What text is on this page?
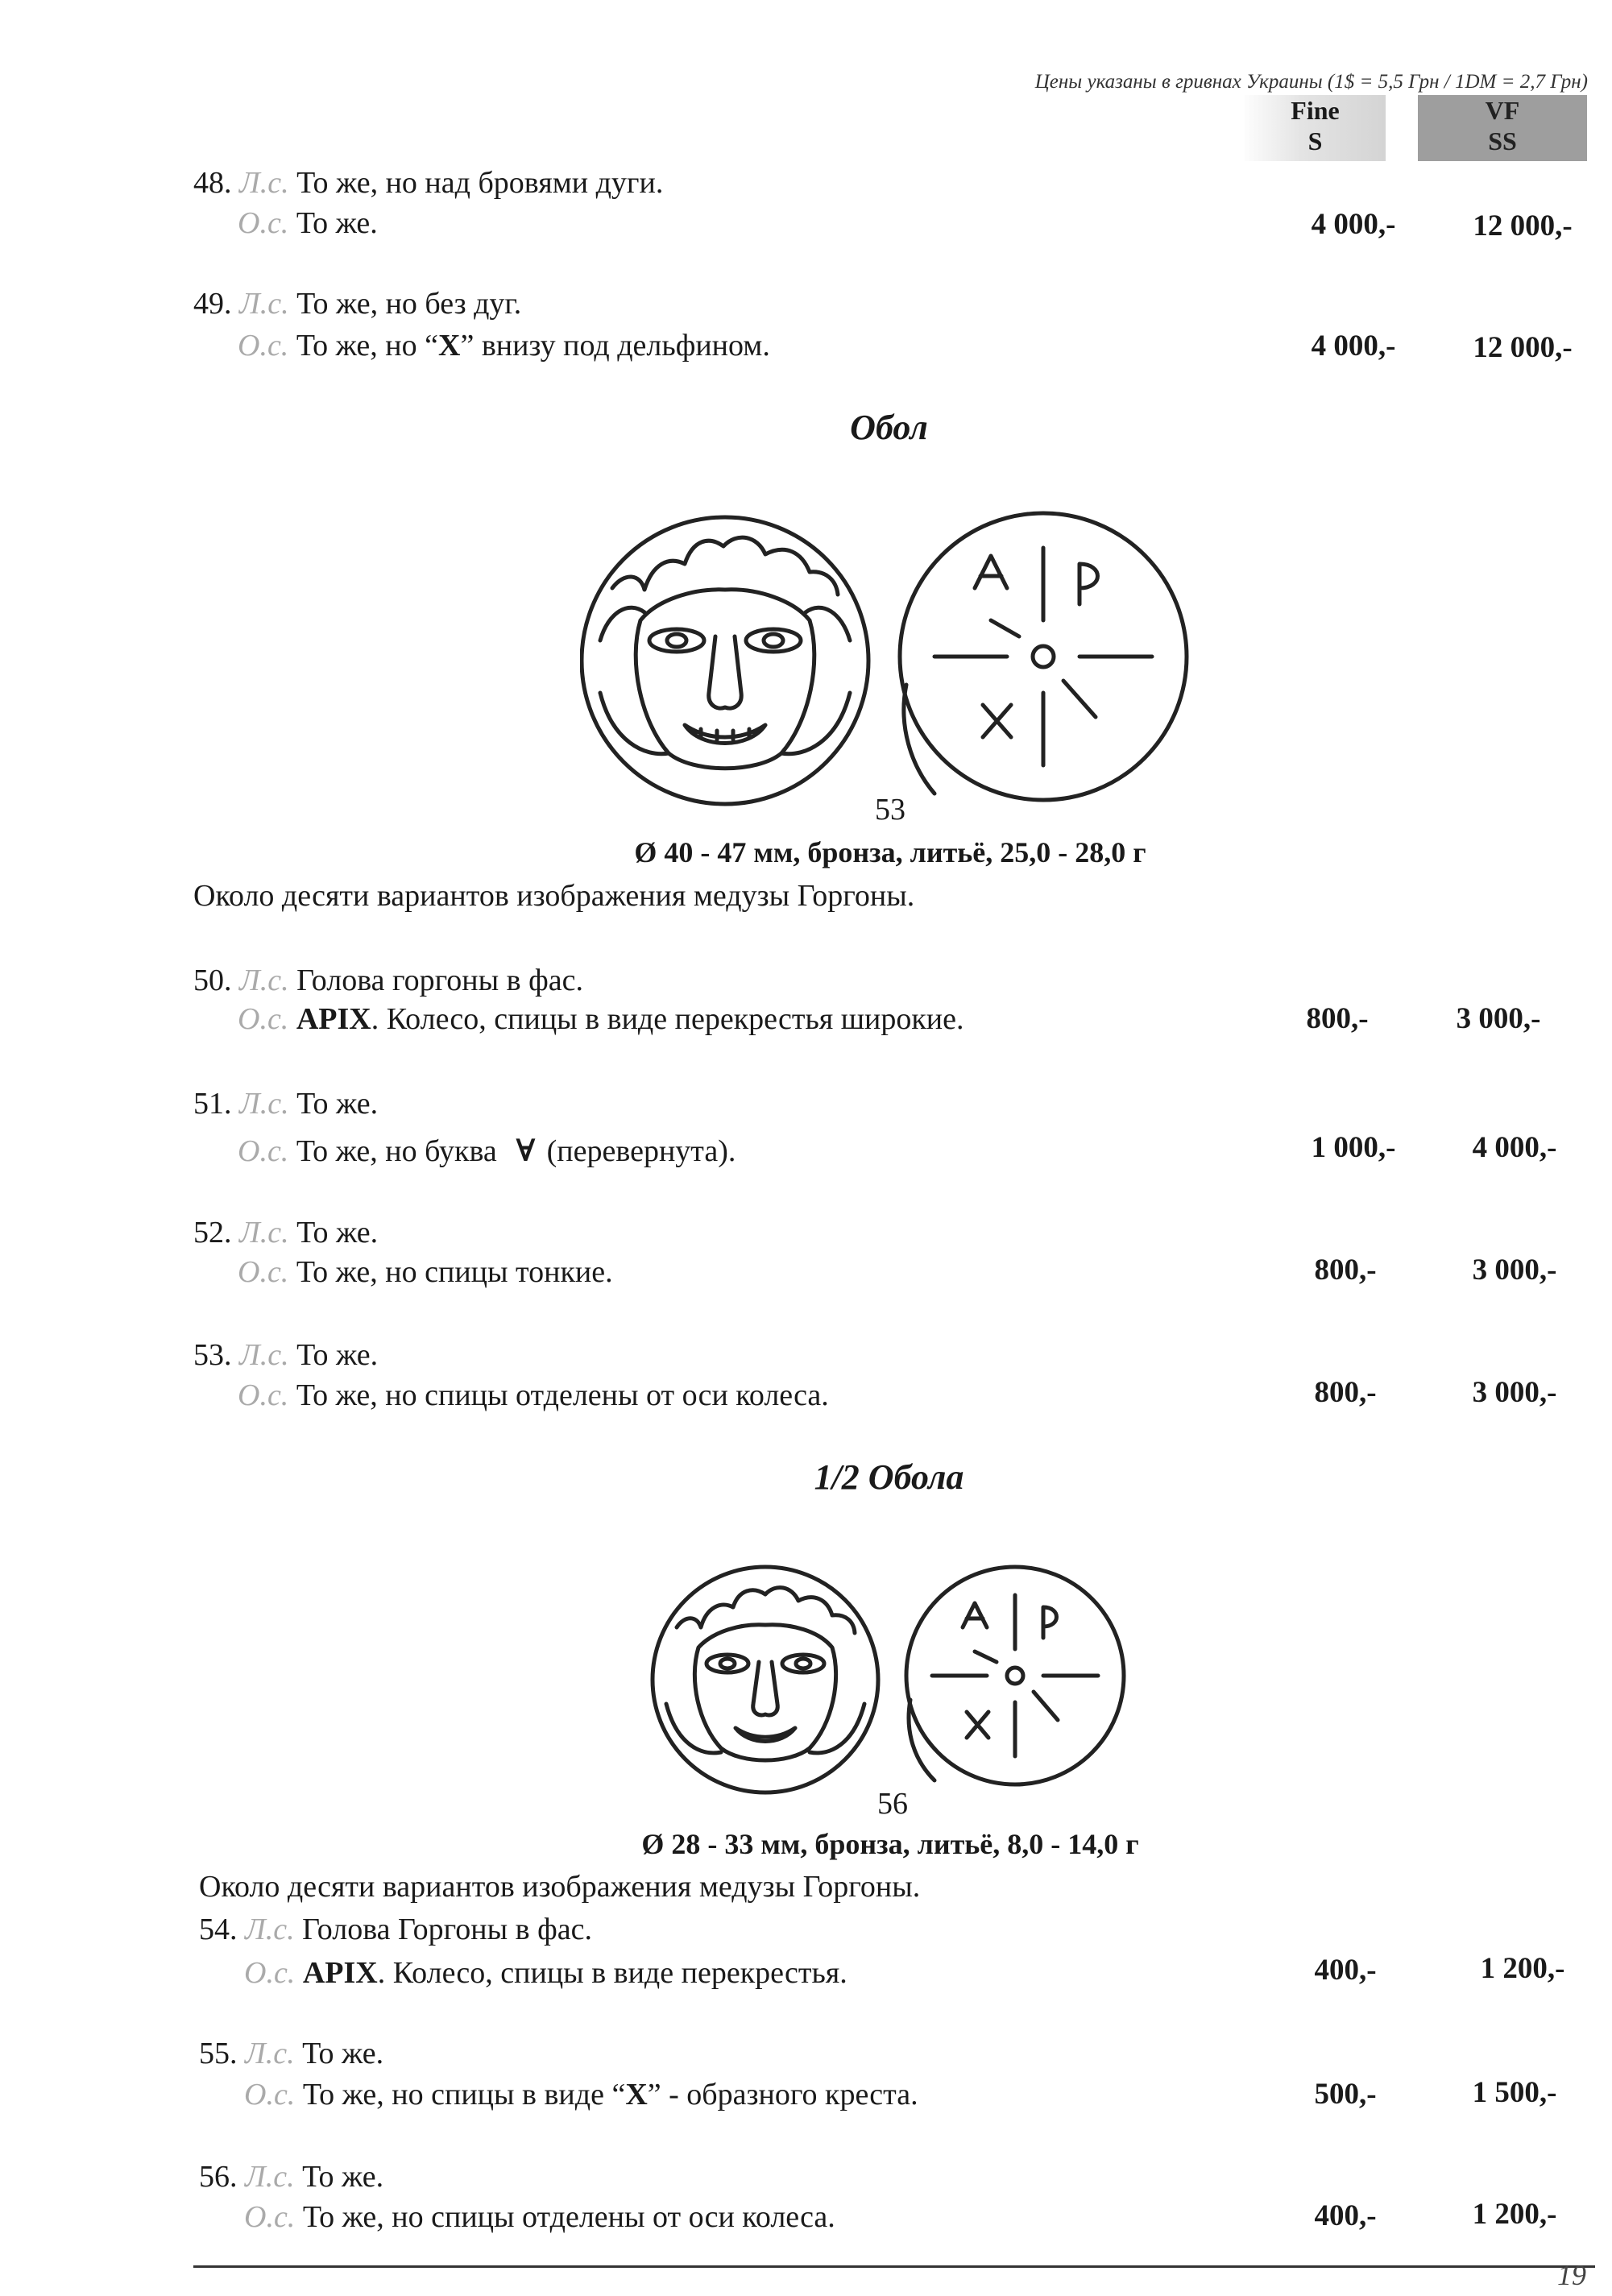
Цены указаны в гривнах Украины (1$ = 5,5 Грн / 1DM = 2,7 Грн)
Fine
S
VF
SS
48. Л.с. То же, но над бровями дуги.
О.с. То же.	4 000,-	12 000,-
49. Л.с. То же, но без дуг.
О.с. То же, но “X” внизу под дельфином.	4 000,-	12 000,-
Обол
53
Ø 40 - 47 мм, бронза, литьё, 25,0 - 28,0 г
Около десяти вариантов изображения медузы Горгоны.
50. Л.с. Голова горгоны в фас.
О.с. APIX. Колесо, спицы в виде перекрестья широкие.	800,-	3 000,-
51. Л.с. То же.
О.с. То же, но буква ∀ (перевернута).	1 000,-	4 000,-
52. Л.с. То же.
О.с. То же, но спицы тонкие.	800,-	3 000,-
53. Л.с. То же.
О.с. То же, но спицы отделены от оси колеса.	800,-	3 000,-
1/2 Обола
56
Ø 28 - 33 мм, бронза, литьё, 8,0 - 14,0 г
Около десяти вариантов изображения медузы Горгоны.
54. Л.с. Голова Горгоны в фас.
О.с. APIX. Колесо, спицы в виде перекрестья.	400,-	1 200,-
55. Л.с. То же.
О.с. То же, но спицы в виде “X” - образного креста.	500,-	1 500,-
56. Л.с. То же.
О.с. То же, но спицы отделены от оси колеса.	400,-	1 200,-
19
